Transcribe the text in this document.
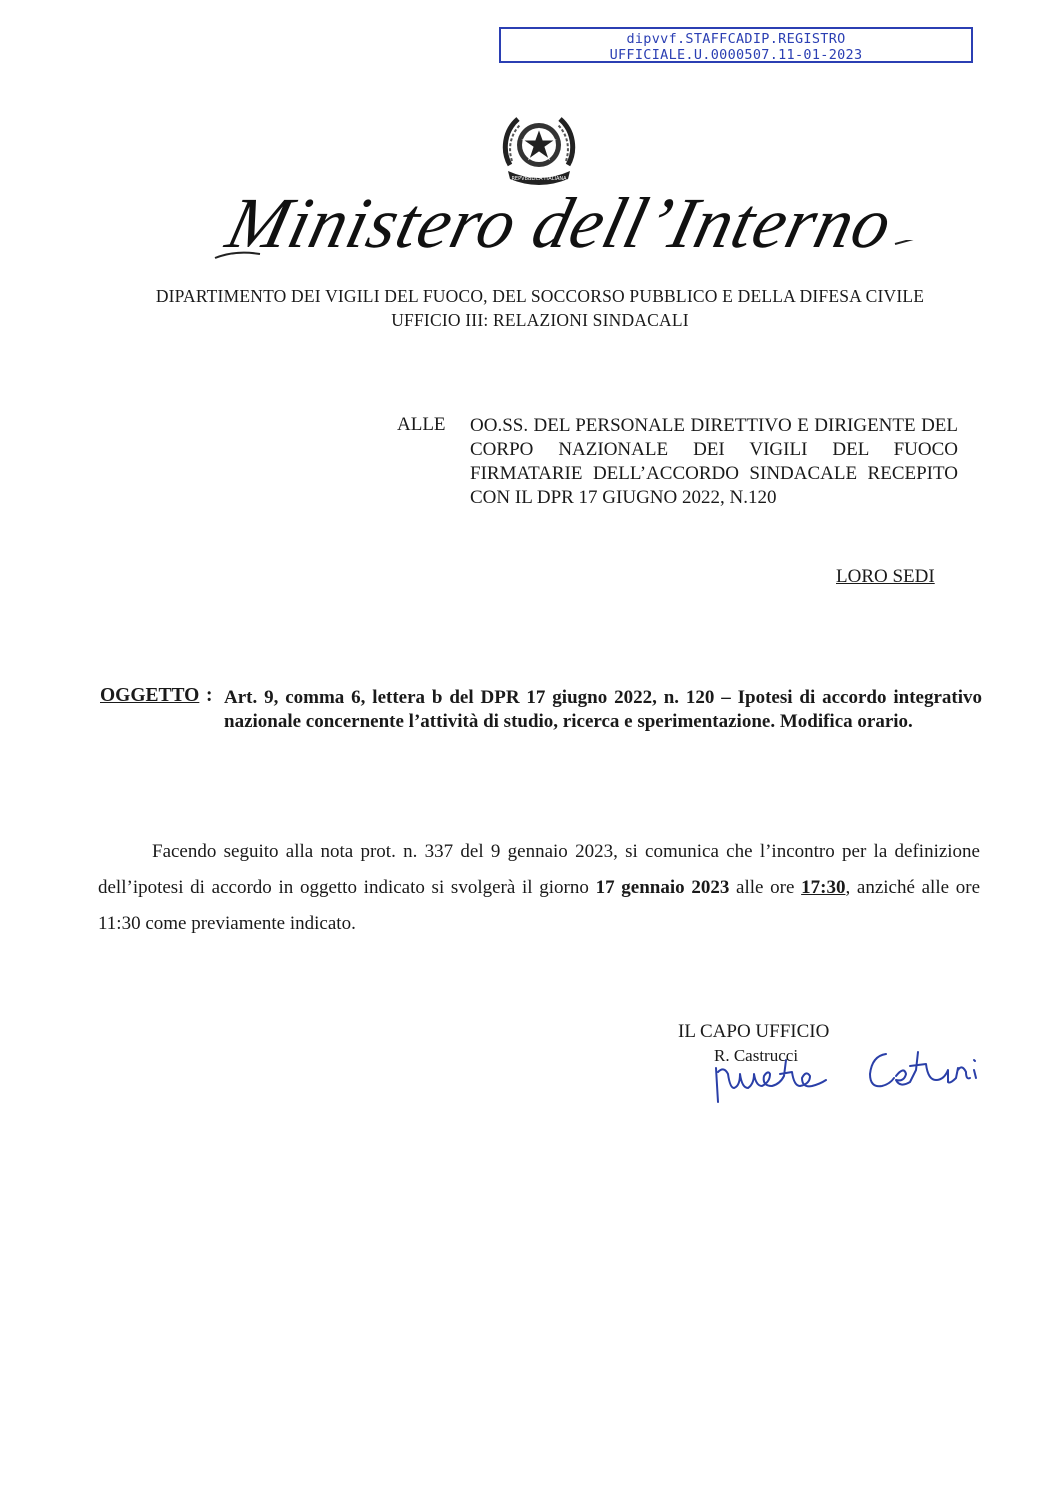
dipvvf.STAFFCADIP.REGISTRO
UFFICIALE.U.0000507.11-01-2023
REPVBBLICA ITALIANA
Ministero dell’Interno
DIPARTIMENTO DEI VIGILI DEL FUOCO, DEL SOCCORSO PUBBLICO E DELLA DIFESA CIVILE
UFFICIO III: RELAZIONI SINDACALI
ALLE OO.SS. DEL PERSONALE DIRETTIVO E DIRIGENTE DEL CORPO NAZIONALE DEI VIGILI DEL FUOCO FIRMATARIE DELL’ACCORDO SINDACALE RECEPITO CON IL DPR 17 GIUGNO 2022, N.120
LORO SEDI
OGGETTO : Art. 9, comma 6, lettera b del DPR 17 giugno 2022, n. 120 – Ipotesi di accordo integrativo nazionale concernente l’attività di studio, ricerca e sperimentazione. Modifica orario.
Facendo seguito alla nota prot. n. 337 del 9 gennaio 2023, si comunica che l’incontro per la definizione dell’ipotesi di accordo in oggetto indicato si svolgerà il giorno 17 gennaio 2023 alle ore 17:30, anziché alle ore 11:30 come previamente indicato.
IL CAPO UFFICIO
R. Castrucci
